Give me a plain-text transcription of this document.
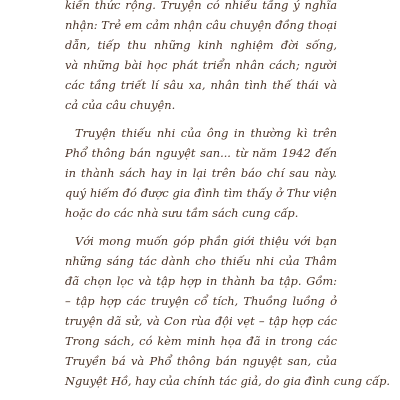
kiến thức rộng. Truyện có nhiều tầng ý nghĩa
nhận: Trẻ em cảm nhận câu chuyện đồng thoại
dẫn, tiếp thu những kinh nghiệm đời sống,
và những bài học phát triển nhân cách; người
các tầng triết lí sâu xa, nhân tình thế thái và
cả của câu chuyện.
Truyện thiếu nhi của ông in thường kì trên
Phổ thông bán nguyệt san... từ năm 1942 đến
in thành sách hay in lại trên báo chí sau này.
quý hiếm đó được gia đình tìm thấy ở Thư viện
hoặc do các nhà sưu tầm sách cung cấp.
Với mong muốn góp phần giới thiệu với bạn
những sáng tác dành cho thiếu nhi của Thâm
đã chọn lọc và tập hợp in thành ba tập. Gồm:
– tập hợp các truyện cổ tích, Thuồng luồng ở
truyện dã sử, và Con rùa đội vẹt – tập hợp các
Trong sách, có kèm minh họa đã in trong các
Truyền bá và Phổ thông bán nguyệt san, của
Nguyệt Hồ, hay của chính tác giả, do gia đình cung cấp.
